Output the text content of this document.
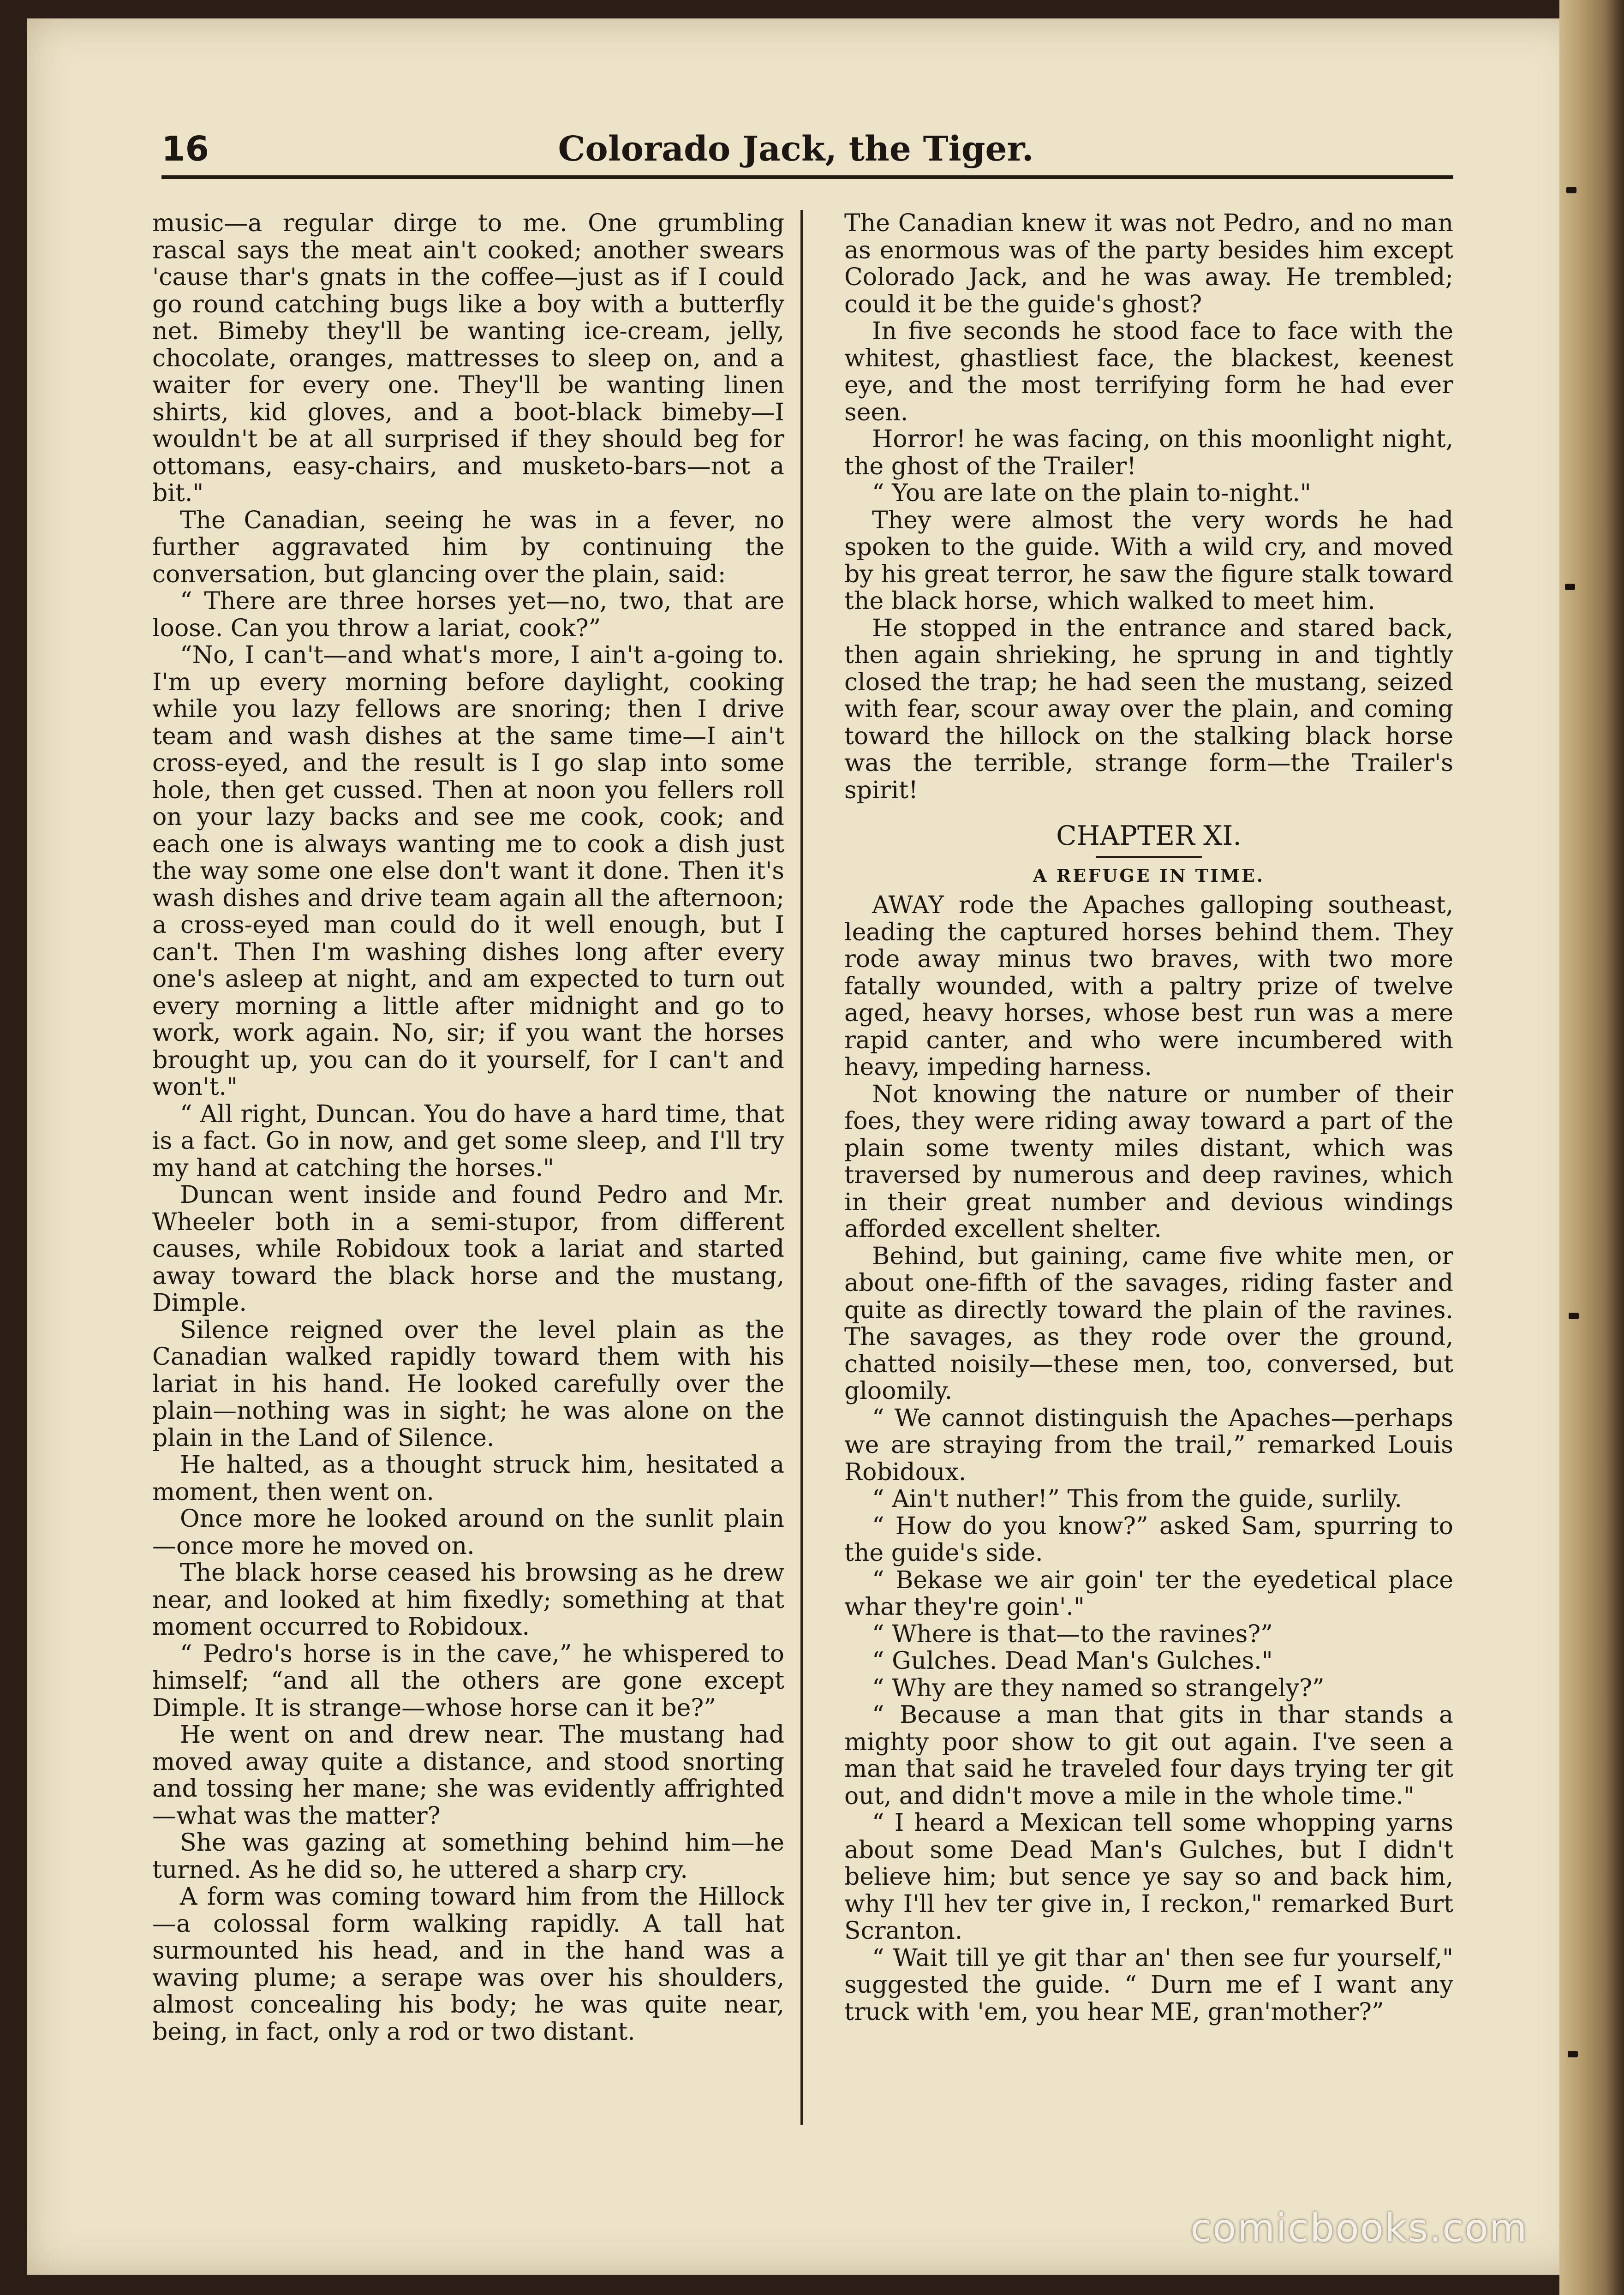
16	Colorado Jack, the Tiger.

music—a regular dirge to me. One grumbling rascal says the meat ain't cooked; another swears 'cause thar's gnats in the coffee—just as if I could go round catching bugs like a boy with a butterfly net. Bimeby they'll be wanting ice-cream, jelly, chocolate, oranges, mattresses to sleep on, and a waiter for every one. They'll be wanting linen shirts, kid gloves, and a boot-black bimeby—I wouldn't be at all surprised if they should beg for ottomans, easy-chairs, and musketo-bars—not a bit."

The Canadian, seeing he was in a fever, no further aggravated him by continuing the conversation, but glancing over the plain, said:

“ There are three horses yet—no, two, that are loose. Can you throw a lariat, cook?”

“No, I can't—and what's more, I ain't a-going to. I'm up every morning before daylight, cooking while you lazy fellows are snoring; then I drive team and wash dishes at the same time—I ain't cross-eyed, and the result is I go slap into some hole, then get cussed. Then at noon you fellers roll on your lazy backs and see me cook, cook; and each one is always wanting me to cook a dish just the way some one else don't want it done. Then it's wash dishes and drive team again all the afternoon; a cross-eyed man could do it well enough, but I can't. Then I'm washing dishes long after every one's asleep at night, and am expected to turn out every morning a little after midnight and go to work, work again. No, sir; if you want the horses brought up, you can do it yourself, for I can't and won't."

“ All right, Duncan. You do have a hard time, that is a fact. Go in now, and get some sleep, and I'll try my hand at catching the horses."

Duncan went inside and found Pedro and Mr. Wheeler both in a semi-stupor, from different causes, while Robidoux took a lariat and started away toward the black horse and the mustang, Dimple.

Silence reigned over the level plain as the Canadian walked rapidly toward them with his lariat in his hand. He looked carefully over the plain—nothing was in sight; he was alone on the plain in the Land of Silence.

He halted, as a thought struck him, hesitated a moment, then went on.

Once more he looked around on the sunlit plain—once more he moved on.

The black horse ceased his browsing as he drew near, and looked at him fixedly; something at that moment occurred to Robidoux.

“ Pedro's horse is in the cave,” he whispered to himself; “and all the others are gone except Dimple. It is strange—whose horse can it be?”

He went on and drew near. The mustang had moved away quite a distance, and stood snorting and tossing her mane; she was evidently affrighted—what was the matter?

She was gazing at something behind him—he turned. As he did so, he uttered a sharp cry.

A form was coming toward him from the Hillock—a colossal form walking rapidly. A tall hat surmounted his head, and in the hand was a waving plume; a serape was over his shoulders, almost concealing his body; he was quite near, being, in fact, only a rod or two distant.

The Canadian knew it was not Pedro, and no man as enormous was of the party besides him except Colorado Jack, and he was away. He trembled; could it be the guide's ghost?

In five seconds he stood face to face with the whitest, ghastliest face, the blackest, keenest eye, and the most terrifying form he had ever seen.

Horror! he was facing, on this moonlight night, the ghost of the Trailer!

“ You are late on the plain to-night."

They were almost the very words he had spoken to the guide. With a wild cry, and moved by his great terror, he saw the figure stalk toward the black horse, which walked to meet him.

He stopped in the entrance and stared back, then again shrieking, he sprung in and tightly closed the trap; he had seen the mustang, seized with fear, scour away over the plain, and coming toward the hillock on the stalking black horse was the terrible, strange form—the Trailer's spirit!

CHAPTER XI.
A REFUGE IN TIME.

AWAY rode the Apaches galloping southeast, leading the captured horses behind them. They rode away minus two braves, with two more fatally wounded, with a paltry prize of twelve aged, heavy horses, whose best run was a mere rapid canter, and who were incumbered with heavy, impeding harness.

Not knowing the nature or number of their foes, they were riding away toward a part of the plain some twenty miles distant, which was traversed by numerous and deep ravines, which in their great number and devious windings afforded excellent shelter.

Behind, but gaining, came five white men, or about one-fifth of the savages, riding faster and quite as directly toward the plain of the ravines. The savages, as they rode over the ground, chatted noisily—these men, too, conversed, but gloomily.

“ We cannot distinguish the Apaches—perhaps we are straying from the trail,” remarked Louis Robidoux.

“ Ain't nuther!” This from the guide, surlily.

“ How do you know?” asked Sam, spurring to the guide's side.

“ Bekase we air goin' ter the eyedetical place whar they're goin'."

“ Where is that—to the ravines?”

“ Gulches. Dead Man's Gulches."

“ Why are they named so strangely?”

“ Because a man that gits in thar stands a mighty poor show to git out again. I've seen a man that said he traveled four days trying ter git out, and didn't move a mile in the whole time."

“ I heard a Mexican tell some whopping yarns about some Dead Man's Gulches, but I didn't believe him; but sence ye say so and back him, why I'll hev ter give in, I reckon," remarked Burt Scranton.

“ Wait till ye git thar an' then see fur yourself," suggested the guide. “ Durn me ef I want any truck with 'em, you hear ME, gran'mother?”

comicbooks.com
